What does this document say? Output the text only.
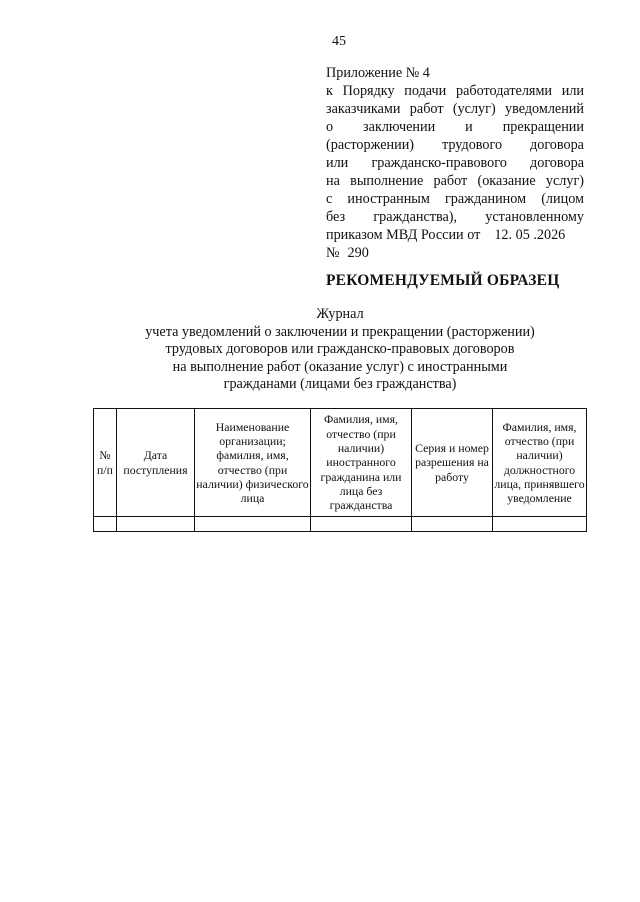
45
Приложение № 4
к Порядку подачи работодателями или
заказчиками работ (услуг) уведомлений
о заключении и прекращении
(расторжении) трудового договора
или гражданско-правового договора
на выполнение работ (оказание услуг)
с иностранным гражданином (лицом
без гражданства), установленному
приказом МВД России от 12. 05 .2026
№ 290
РЕКОМЕНДУЕМЫЙ ОБРАЗЕЦ
Журнал
учета уведомлений о заключении и прекращении (расторжении)
трудовых договоров или гражданско-правовых договоров
на выполнение работ (оказание услуг) с иностранными
гражданами (лицами без гражданства)
№ п/п	Дата поступления	Наименование организации; фамилия, имя, отчество (при наличии) физического лица	Фамилия, имя, отчество (при наличии) иностранного гражданина или лица без гражданства	Серия и номер разрешения на работу	Фамилия, имя, отчество (при наличии) должностного лица, принявшего уведомление
